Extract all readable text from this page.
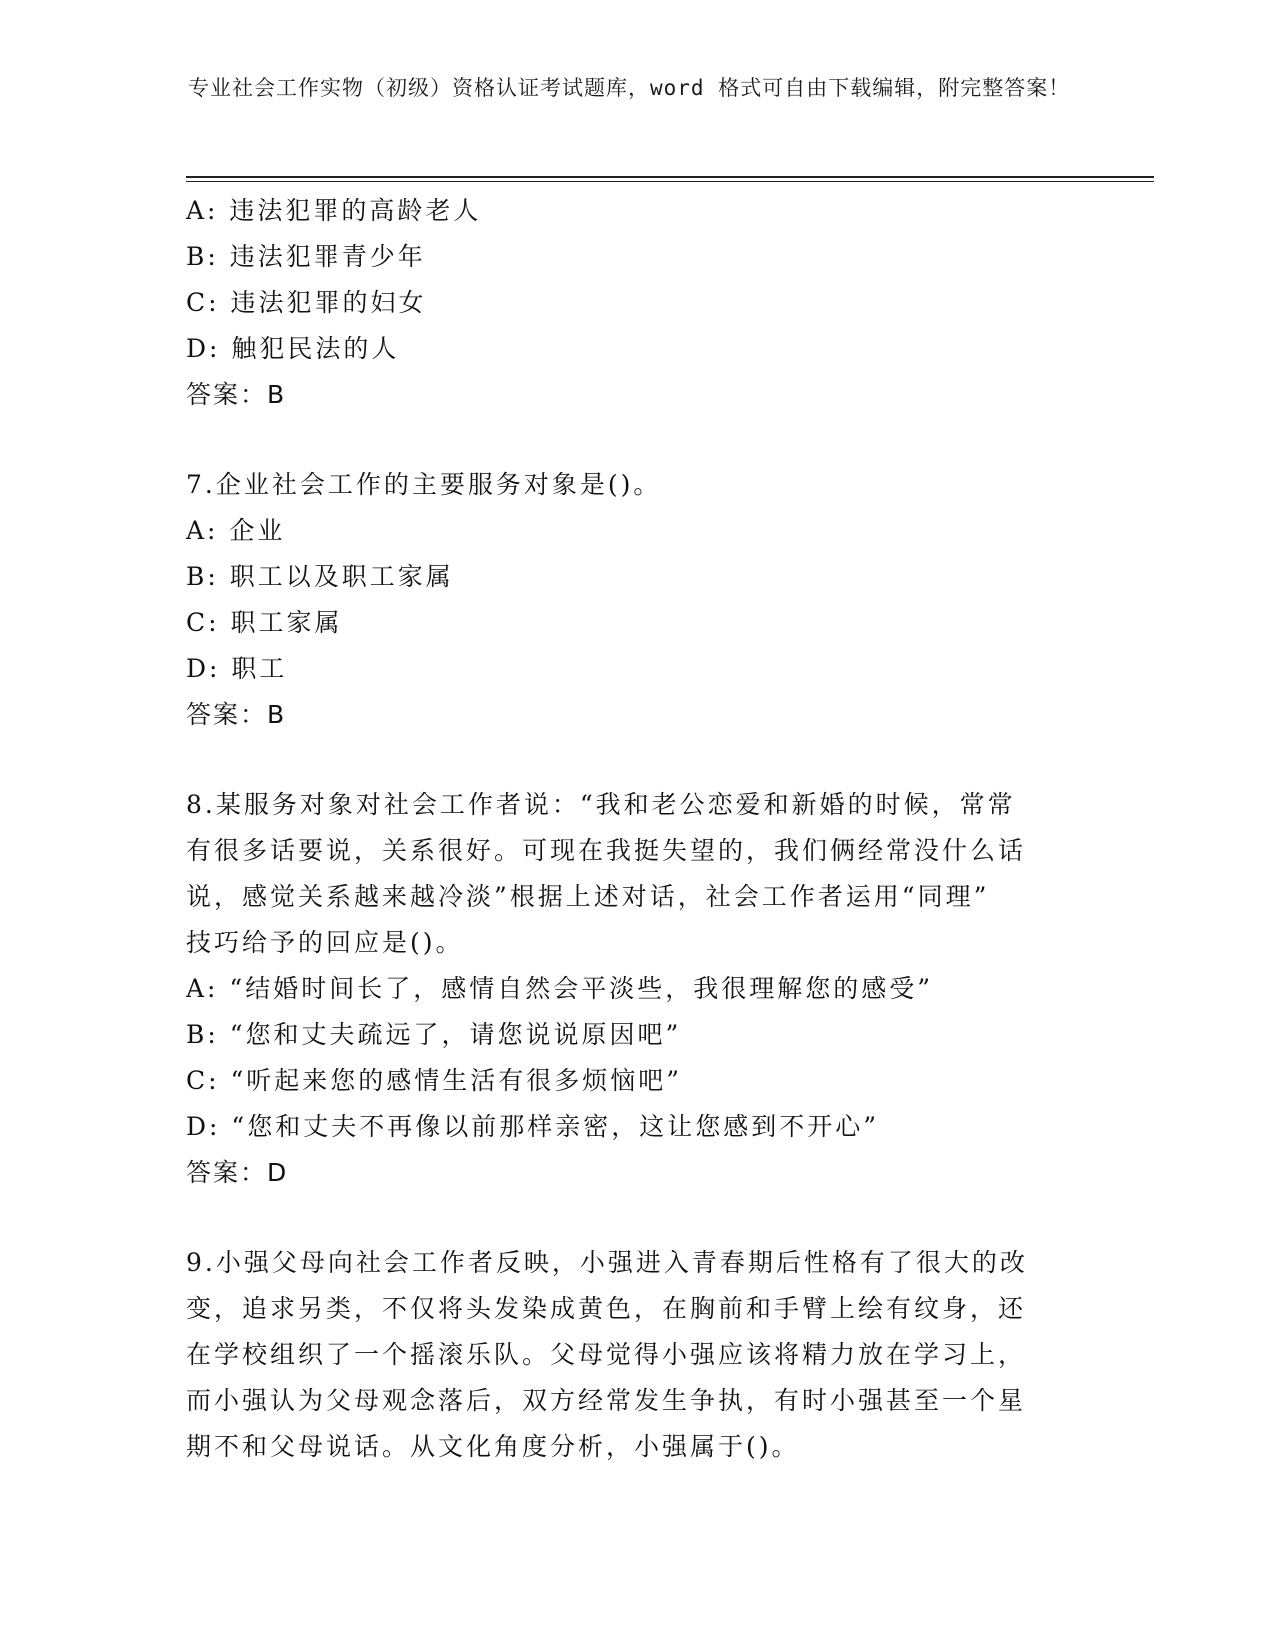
专业社会工作实物（初级）资格认证考试题库，word 格式可自由下载编辑，附完整答案！
A: 违法犯罪的高龄老人
B: 违法犯罪青少年
C: 违法犯罪的妇女
D: 触犯民法的人
答案：B
7.企业社会工作的主要服务对象是()。
A: 企业
B: 职工以及职工家属
C: 职工家属
D: 职工
答案：B
8.某服务对象对社会工作者说：“我和老公恋爱和新婚的时候，常常
有很多话要说，关系很好。可现在我挺失望的，我们俩经常没什么话
说，感觉关系越来越冷淡”根据上述对话，社会工作者运用“同理”
技巧给予的回应是()。
A: “结婚时间长了，感情自然会平淡些，我很理解您的感受”
B: “您和丈夫疏远了，请您说说原因吧”
C: “听起来您的感情生活有很多烦恼吧”
D: “您和丈夫不再像以前那样亲密，这让您感到不开心”
答案：D
9.小强父母向社会工作者反映，小强进入青春期后性格有了很大的改
变，追求另类，不仅将头发染成黄色，在胸前和手臂上绘有纹身，还
在学校组织了一个摇滚乐队。父母觉得小强应该将精力放在学习上，
而小强认为父母观念落后，双方经常发生争执，有时小强甚至一个星
期不和父母说话。从文化角度分析，小强属于()。
